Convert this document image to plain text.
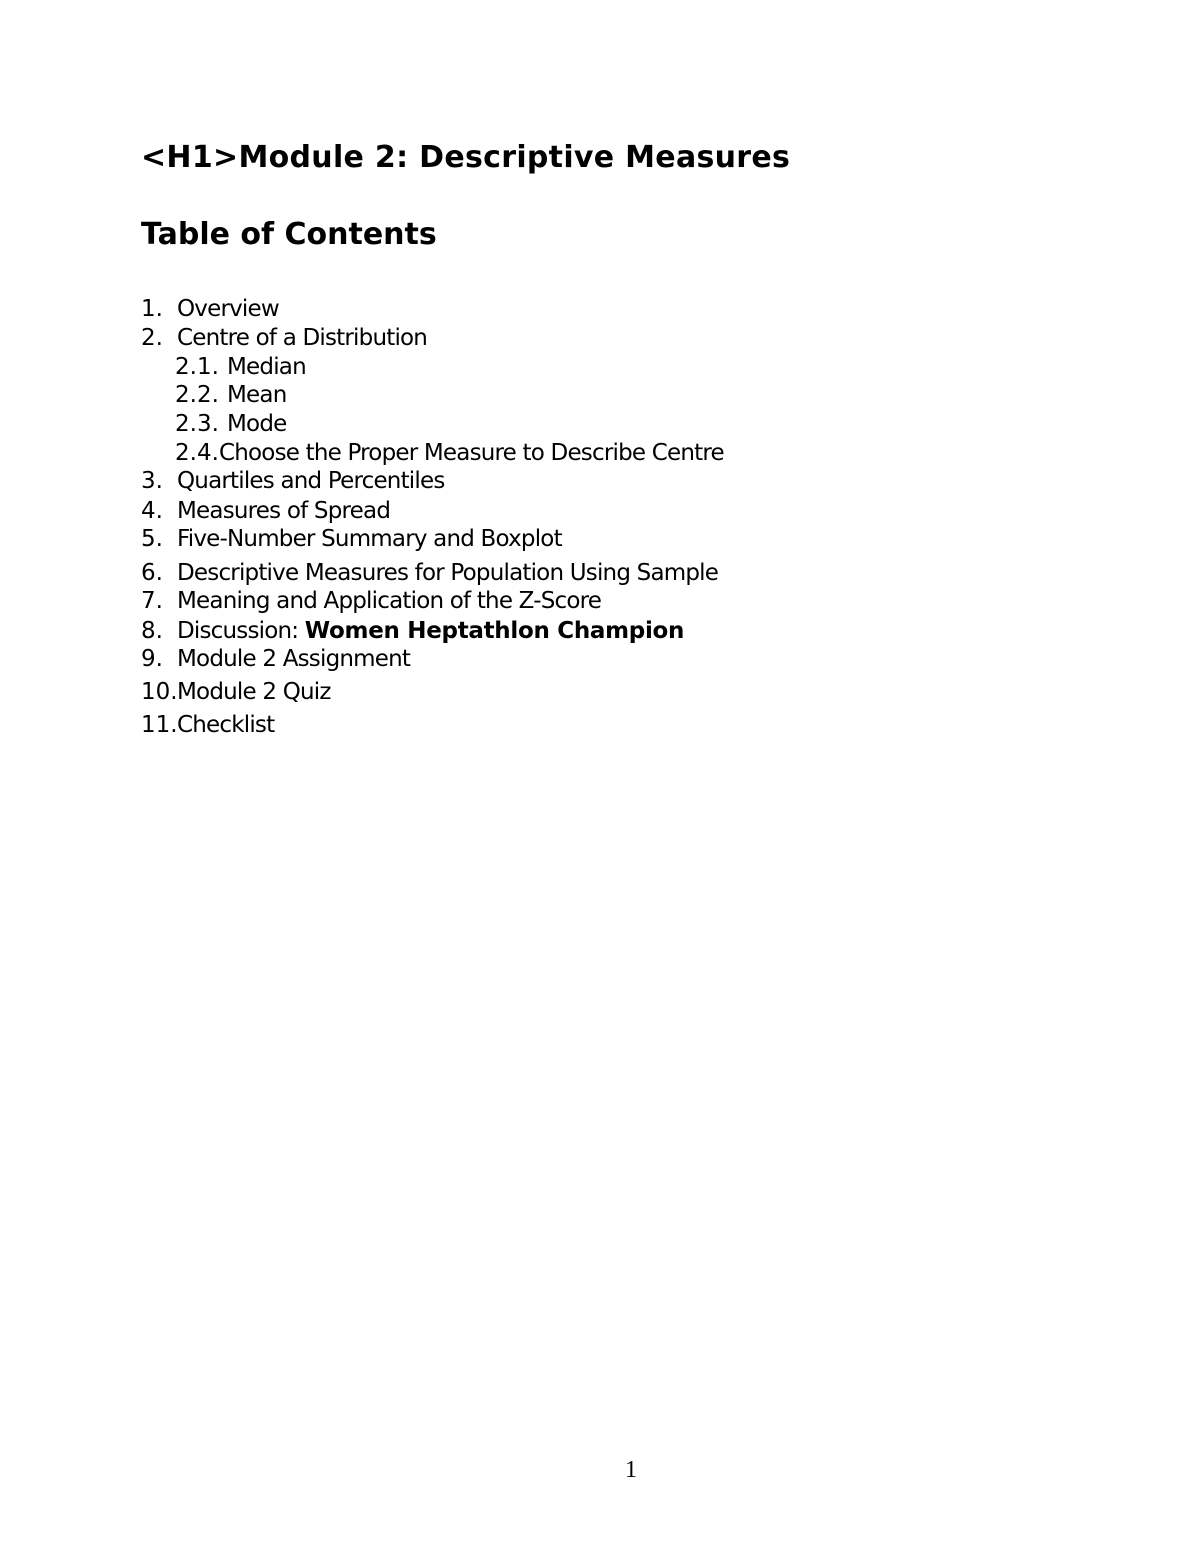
<H1>Module 2: Descriptive Measures
Table of Contents
1. Overview
2. Centre of a Distribution
2.1. Median
2.2. Mean
2.3. Mode
2.4. Choose the Proper Measure to Describe Centre
3. Quartiles and Percentiles
4. Measures of Spread
5. Five-Number Summary and Boxplot
6. Descriptive Measures for Population Using Sample
7. Meaning and Application of the Z-Score
8. Discussion: Women Heptathlon Champion
9. Module 2 Assignment
10. Module 2 Quiz
11. Checklist
1
